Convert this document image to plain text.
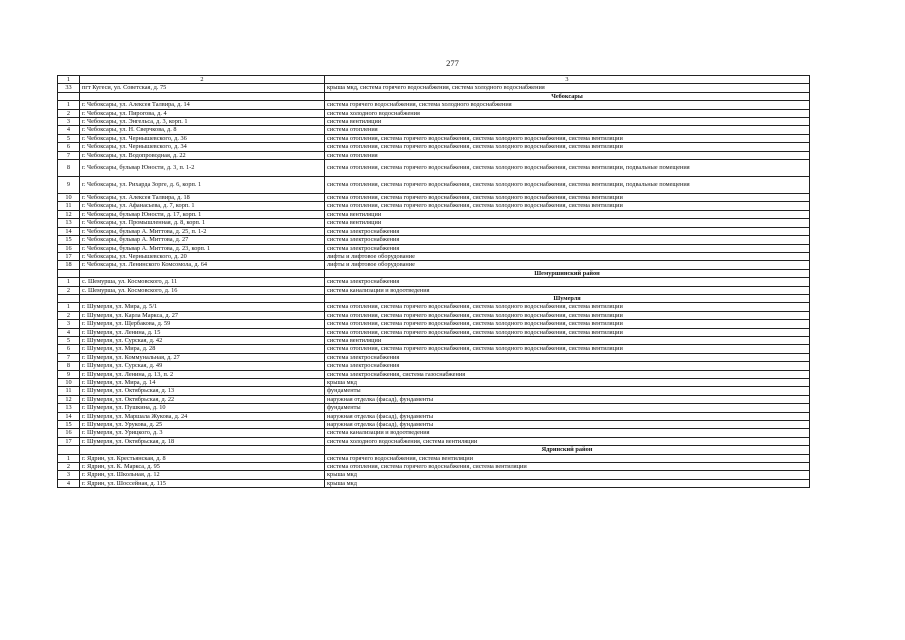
277
1	2	3
33	пгт Кугеси, ул. Советская, д. 75	крыша мкд, система горячего водоснабжения, система холодного водоснабжения
		Чебоксары
1	г. Чебоксары, ул. Алексея Талвира, д. 14	система горячего водоснабжения, система холодного водоснабжения
2	г. Чебоксары, ул. Пирогова, д. 4	система холодного водоснабжения
3	г. Чебоксары, ул. Энгельса, д. 3, корп. 1	система вентиляции
4	г. Чебоксары, ул. Н. Сверчкова, д. 8	система отопления
5	г. Чебоксары, ул. Чернышевского, д. 36	система отопления, система горячего водоснабжения, система холодного водоснабжения, система вентиляции
6	г. Чебоксары, ул. Чернышевского, д. 34	система отопления, система горячего водоснабжения, система холодного водоснабжения, система вентиляции
7	г. Чебоксары, ул. Водопроводная, д. 22	система отопления
8	г. Чебоксары, бульвар Юности, д. 3, п. 1-2	система отопления, система горячего водоснабжения, система холодного водоснабжения, система вентиляции, подвальные помещения
9	г. Чебоксары, ул. Рихарда Зорге, д. 6, корп. 1	система отопления, система горячего водоснабжения, система холодного водоснабжения, система вентиляции, подвальные помещения
10	г. Чебоксары, ул. Алексея Талвира, д. 18	система отопления, система горячего водоснабжения, система холодного водоснабжения, система вентиляции
11	г. Чебоксары, ул. Афанасьева, д. 7, корп. 1	система отопления, система горячего водоснабжения, система холодного водоснабжения, система вентиляции
12	г. Чебоксары, бульвар Юности, д. 17, корп. 1	система вентиляции
13	г. Чебоксары, ул. Промышленная, д. 8, корп. 1	система вентиляции
14	г. Чебоксары, бульвар А. Миттова, д. 25, п. 1-2	система электроснабжения
15	г. Чебоксары, бульвар А. Миттова, д. 27	система электроснабжения
16	г. Чебоксары, бульвар А. Миттова, д. 23, корп. 1	система электроснабжения
17	г. Чебоксары, ул. Чернышевского, д. 20	лифты и лифтовое оборудование
18	г. Чебоксары, ул. Ленинского Комсомола, д. 64	лифты и лифтовое оборудование
		Шемуршинский район
1	с. Шемурша, ул. Космовского, д. 11	система электроснабжения
2	с. Шемурша, ул. Космовского, д. 16	система канализации и водоотведения
		Шумерля
1	г. Шумерля, ул. Мира, д. 5/1	система отопления, система горячего водоснабжения, система холодного водоснабжения, система вентиляции
2	г. Шумерля, ул. Карла Маркса, д. 27	система отопления, система горячего водоснабжения, система холодного водоснабжения, система вентиляции
3	г. Шумерля, ул. Щербакова, д. 59	система отопления, система горячего водоснабжения, система холодного водоснабжения, система вентиляции
4	г. Шумерля, ул. Ленина, д. 15	система отопления, система горячего водоснабжения, система холодного водоснабжения, система вентиляции
5	г. Шумерля, ул. Сурская, д. 42	система вентиляции
6	г. Шумерля, ул. Мира, д. 28	система отопления, система горячего водоснабжения, система холодного водоснабжения, система вентиляции
7	г. Шумерля, ул. Коммунальная, д. 27	система электроснабжения
8	г. Шумерля, ул. Сурская, д. 49	система электроснабжения
9	г. Шумерля, ул. Ленина, д. 13, п. 2	система электроснабжения, система газоснабжения
10	г. Шумерля, ул. Мира, д. 14	крыша мкд
11	г. Шумерля, ул. Октябрьская, д. 13	фундаменты
12	г. Шумерля, ул. Октябрьская, д. 22	наружная отделка (фасад), фундаменты
13	г. Шумерля, ул. Пушкина, д. 10	фундаменты
14	г. Шумерля, ул. Маршала Жукова, д. 24	наружная отделка (фасад), фундаменты
15	г. Шумерля, ул. Урукова, д. 25	наружная отделка (фасад), фундаменты
16	г. Шумерля, ул. Урицкого, д. 3	система канализации и водоотведения
17	г. Шумерля, ул. Октябрьская, д. 18	система холодного водоснабжения, система вентиляции
		Ядринский район
1	г. Ядрин, ул. Крестьянская, д. 8	система горячего водоснабжения, система вентиляции
2	г. Ядрин, ул. К. Маркса, д. 95	система отопления, система горячего водоснабжения, система вентиляции
3	г. Ядрин, ул. Школьная, д. 12	крыша мкд
4	г. Ядрин, ул. Шоссейная, д. 115	крыша мкд
